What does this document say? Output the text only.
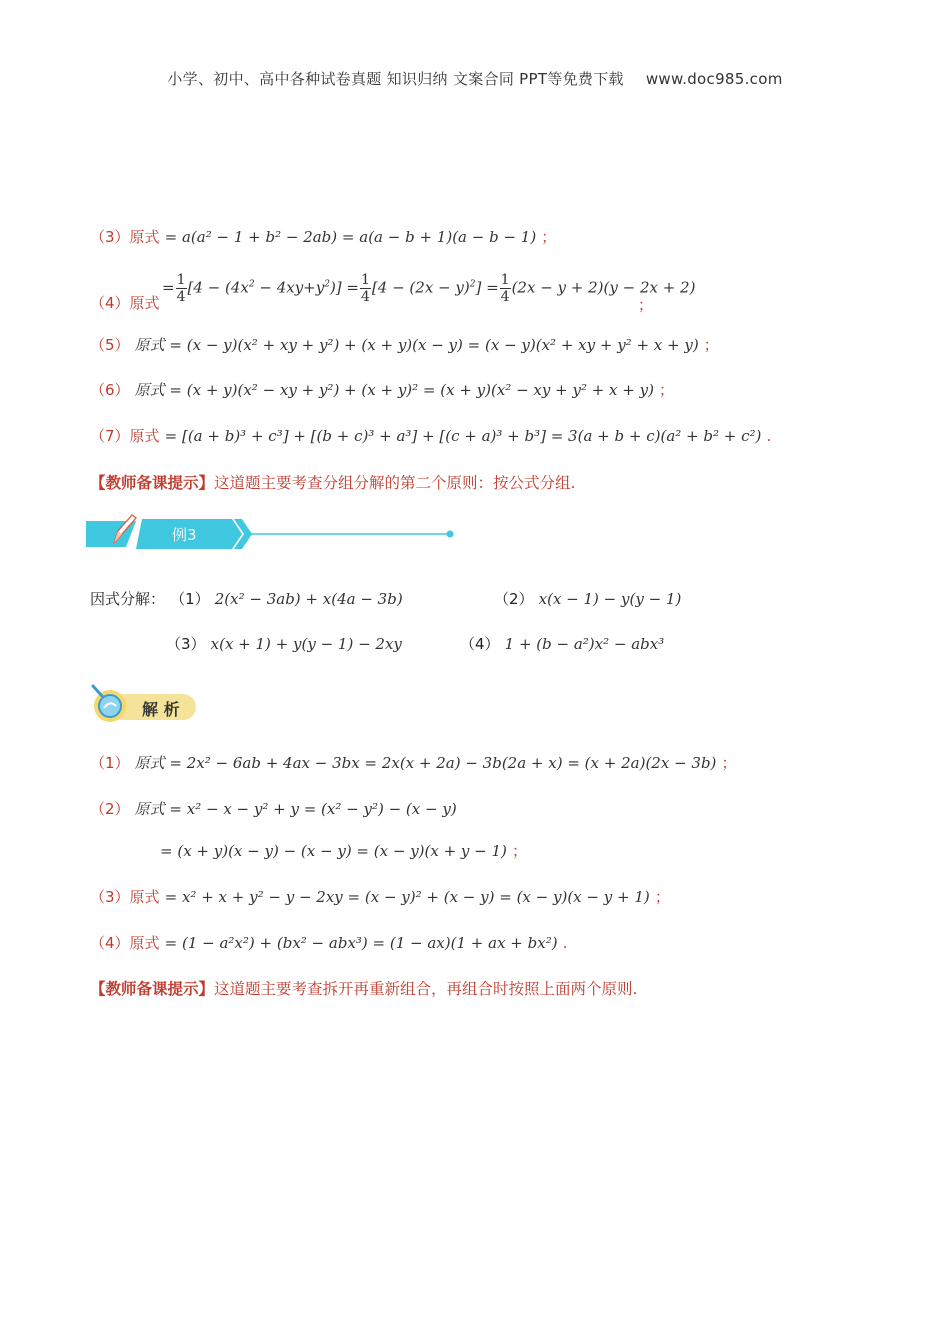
小学、初中、高中各种试卷真题 知识归纳 文案合同 PPT等免费下载 www.doc985.com
（3）原式 = a(a² − 1 + b² − 2ab) = a(a − b + 1)(a − b − 1) ；
（4）原式
= $\frac{1}{4} [4 - (4x^2 - 4xy+y^2)] = \frac{1}{4} [4 - (2x - y)^2] = \frac{1}{4} (2x - y + 2)(y - 2x + 2)$
；
（5） 原式 = (x − y)(x² + xy + y²) + (x + y)(x − y) = (x − y)(x² + xy + y² + x + y) ；
（6） 原式 = (x + y)(x² − xy + y²) + (x + y)² = (x + y)(x² − xy + y² + x + y) ；
（7）原式 = [(a + b)³ + c³] + [(b + c)³ + a³] + [(c + a)³ + b³] = 3(a + b + c)(a² + b² + c²) .
【教师备课提示】这道题主要考查分组分解的第二个原则：按公式分组.
例3
因式分解： （1） 2(x² − 3ab) + x(4a − 3b)	（2） x(x − 1) − y(y − 1)
（3） x(x + 1) + y(y − 1) − 2xy	（4） 1 + (b − a²)x² − abx³
解 析
（1） 原式 = 2x² − 6ab + 4ax − 3bx = 2x(x + 2a) − 3b(2a + x) = (x + 2a)(2x − 3b) ；
（2） 原式 = x² − x − y² + y = (x² − y²) − (x − y)
= (x + y)(x − y) − (x − y) = (x − y)(x + y − 1) ；
（3）原式 = x² + x + y² − y − 2xy = (x − y)² + (x − y) = (x − y)(x − y + 1) ；
（4）原式 = (1 − a²x²) + (bx² − abx³) = (1 − ax)(1 + ax + bx²) .
【教师备课提示】这道题主要考查拆开再重新组合，再组合时按照上面两个原则.
